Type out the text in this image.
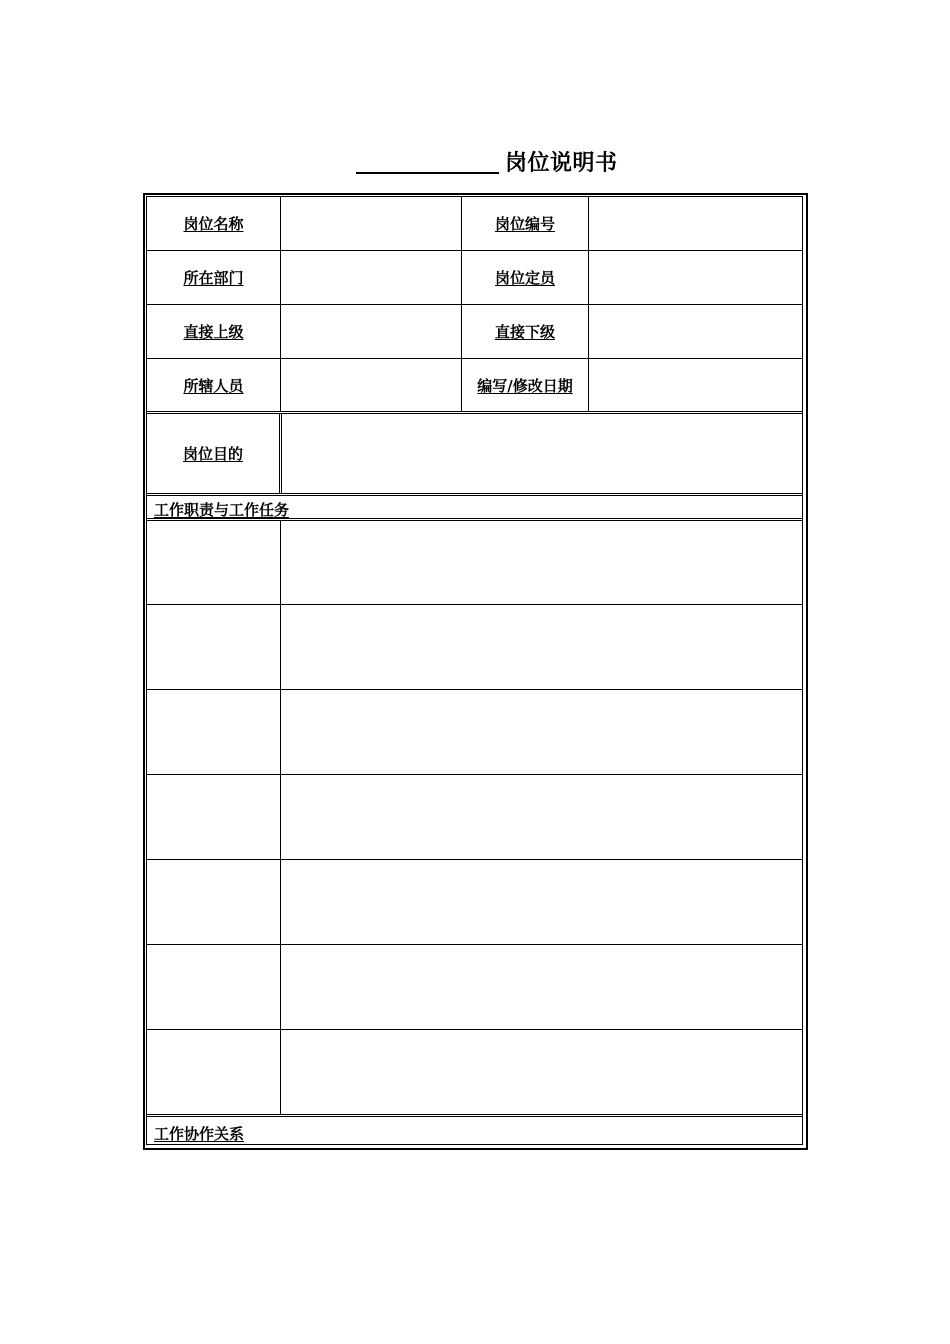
岗位说明书
岗位名称	岗位编号
所在部门	岗位定员
直接上级	直接下级
所辖人员	编写/修改日期
岗位目的
工作职责与工作任务
工作协作关系
